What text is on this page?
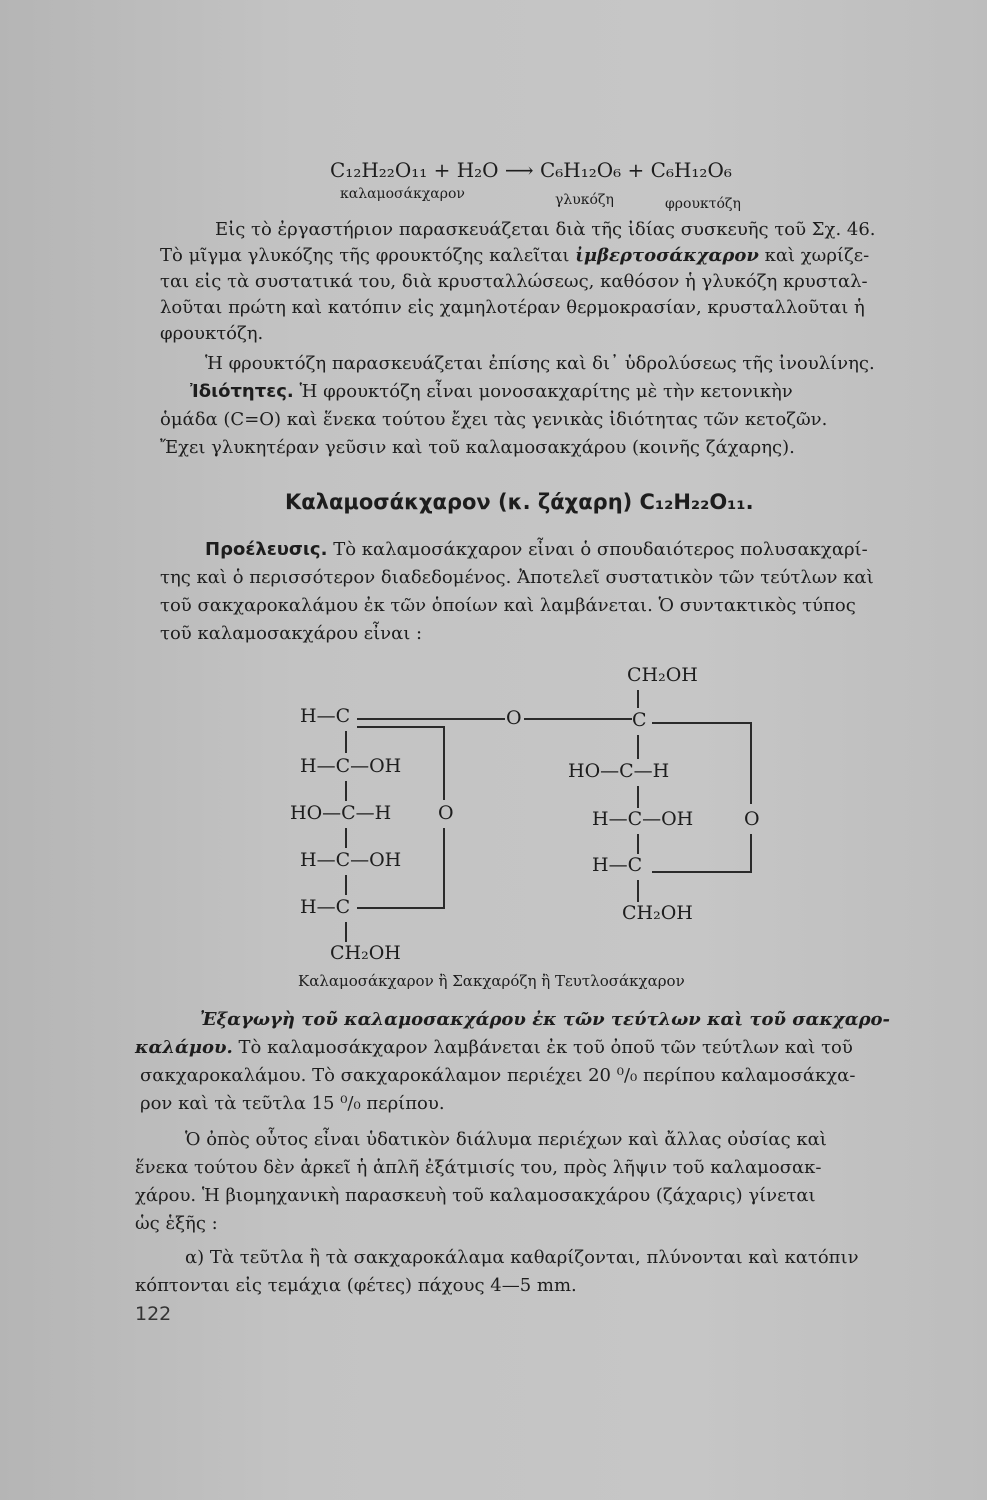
C₁₂H₂₂O₁₁ + H₂O ⟶ C₆H₁₂O₆ + C₆H₁₂O₆
καλαμοσάκχαρον	γλυκόζη	φρουκτόζη
Εἰς τὸ ἐργαστήριον παρασκευάζεται διὰ τῆς ἰδίας συσκευῆς τοῦ Σχ. 46.
Τὸ μῖγμα γλυκόζης τῆς φρουκτόζης καλεῖται ἰμβερτοσάκχαρον καὶ χωρίζε-
ται εἰς τὰ συστατικά του, διὰ κρυσταλλώσεως, καθόσον ἡ γλυκόζη κρυσταλ-
λοῦται πρώτη καὶ κατόπιν εἰς χαμηλοτέραν θερμοκρασίαν, κρυσταλλοῦται ἡ
φρουκτόζη.
Ἡ φρουκτόζη παρασκευάζεται ἐπίσης καὶ δι᾽ ὑδρολύσεως τῆς ἰνουλίνης.
Ἰδιότητες. Ἡ φρουκτόζη εἶναι μονοσακχαρίτης μὲ τὴν κετονικὴν
ὁμάδα (C=O) καὶ ἕνεκα τούτου ἔχει τὰς γενικὰς ἰδιότητας τῶν κετοζῶν.
Ἔχει γλυκητέραν γεῦσιν καὶ τοῦ καλαμοσακχάρου (κοινῆς ζάχαρης).
Καλαμοσάκχαρον (κ. ζάχαρη) C₁₂H₂₂O₁₁.
Προέλευσις. Τὸ καλαμοσάκχαρον εἶναι ὁ σπουδαιότερος πολυσακχαρί-
της καὶ ὁ περισσότερον διαδεδομένος. Ἀποτελεῖ συστατικὸν τῶν τεύτλων καὶ
τοῦ σακχαροκαλάμου ἐκ τῶν ὁποίων καὶ λαμβάνεται. Ὁ συντακτικὸς τύπος
τοῦ καλαμοσακχάρου εἶναι :
H—C
H—C—OH
HO—C—H
H—C—OH
H—C
CH₂OH
O
O
CH₂OH
C
HO—C—H
H—C—OH
H—C
CH₂OH
O
Καλαμοσάκχαρον ἢ Σακχαρόζη ἢ Τευτλοσάκχαρον
Ἐξαγωγὴ τοῦ καλαμοσακχάρου ἐκ τῶν τεύτλων καὶ τοῦ σακχαρο-
καλάμου. Τὸ καλαμοσάκχαρον λαμβάνεται ἐκ τοῦ ὀποῦ τῶν τεύτλων καὶ τοῦ
σακχαροκαλάμου. Τὸ σακχαροκάλαμον περιέχει 20 ⁰/₀ περίπου καλαμοσάκχα-
ρον καὶ τὰ τεῦτλα 15 ⁰/₀ περίπου.
Ὁ ὀπὸς οὗτος εἶναι ὑδατικὸν διάλυμα περιέχων καὶ ἄλλας οὐσίας καὶ
ἕνεκα τούτου δὲν ἀρκεῖ ἡ ἁπλῆ ἐξάτμισίς του, πρὸς λῆψιν τοῦ καλαμοσακ-
χάρου. Ἡ βιομηχανικὴ παρασκευὴ τοῦ καλαμοσακχάρου (ζάχαρις) γίνεται
ὡς ἑξῆς :
α) Τὰ τεῦτλα ἢ τὰ σακχαροκάλαμα καθαρίζονται, πλύνονται καὶ κατόπιν
κόπτονται εἰς τεμάχια (φέτες) πάχους 4—5 mm.
122
